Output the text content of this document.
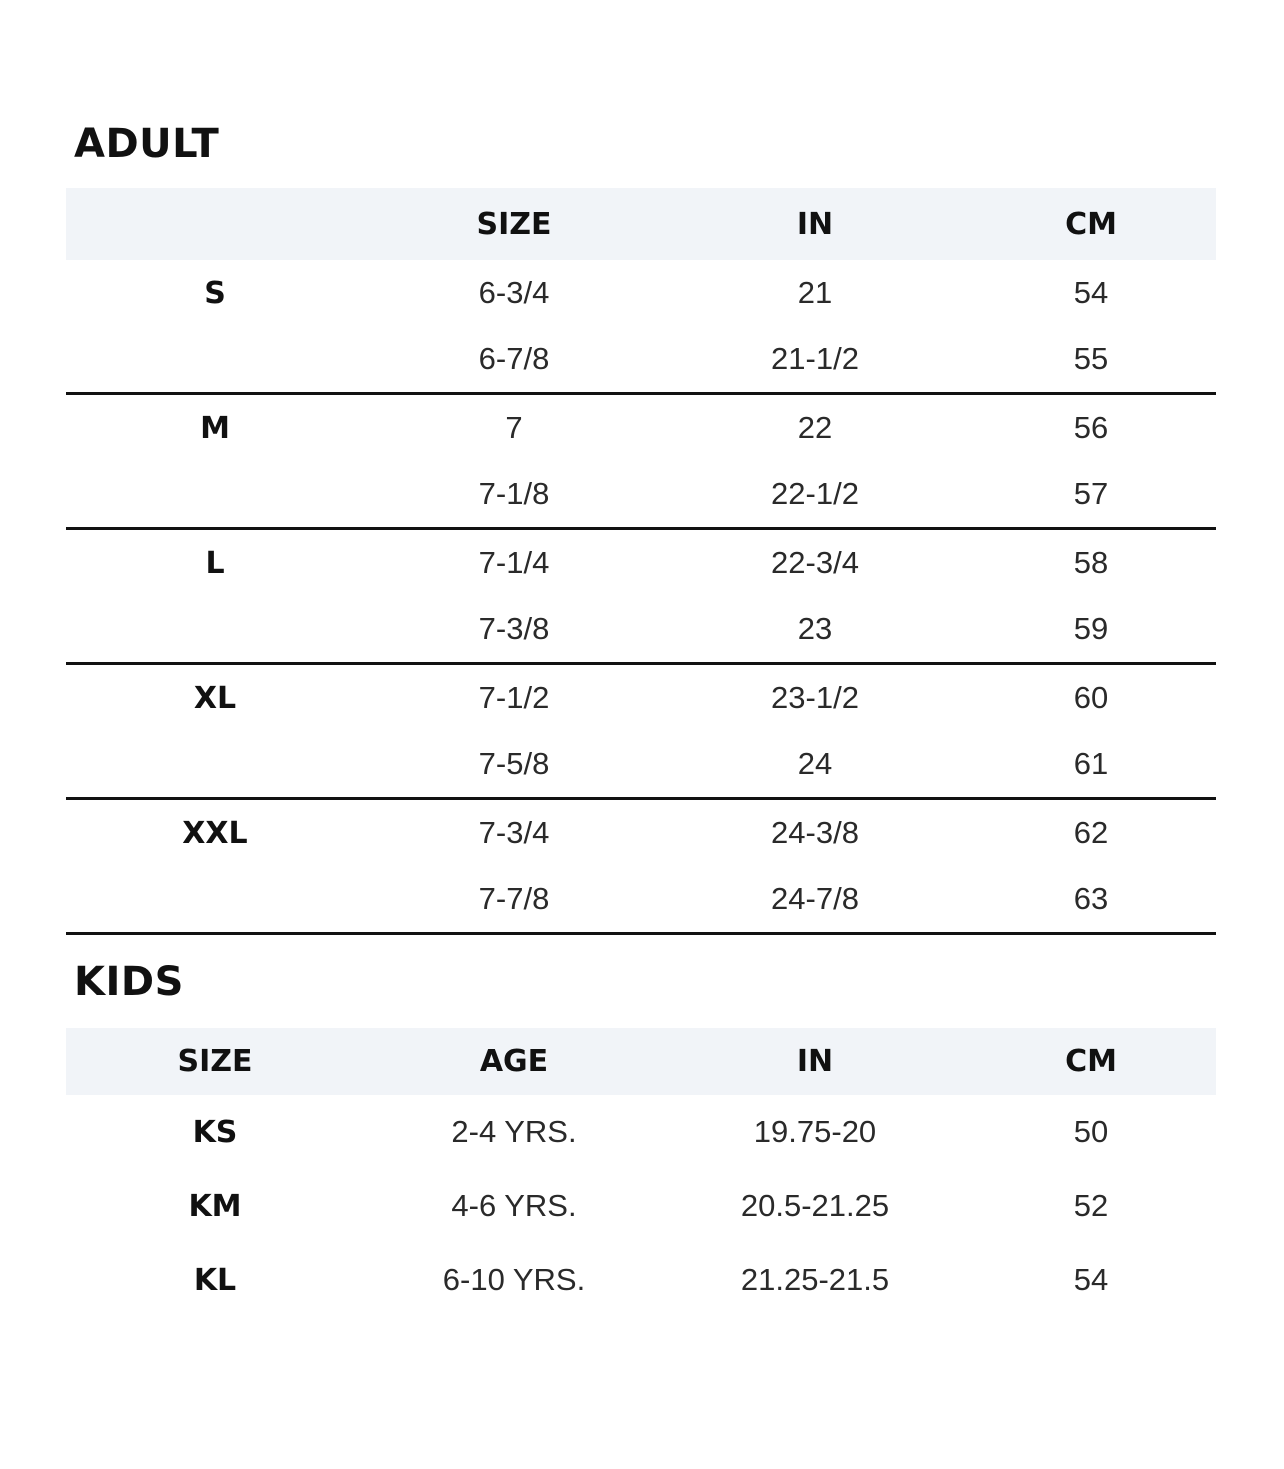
ADULT
	SIZE	IN	CM
S	6-3/4	21	54
	6-7/8	21-1/2	55
M	7	22	56
	7-1/8	22-1/2	57
L	7-1/4	22-3/4	58
	7-3/8	23	59
XL	7-1/2	23-1/2	60
	7-5/8	24	61
XXL	7-3/4	24-3/8	62
	7-7/8	24-7/8	63
KIDS
SIZE	AGE	IN	CM
KS	2-4 YRS.	19.75-20	50
KM	4-6 YRS.	20.5-21.25	52
KL	6-10 YRS.	21.25-21.5	54
